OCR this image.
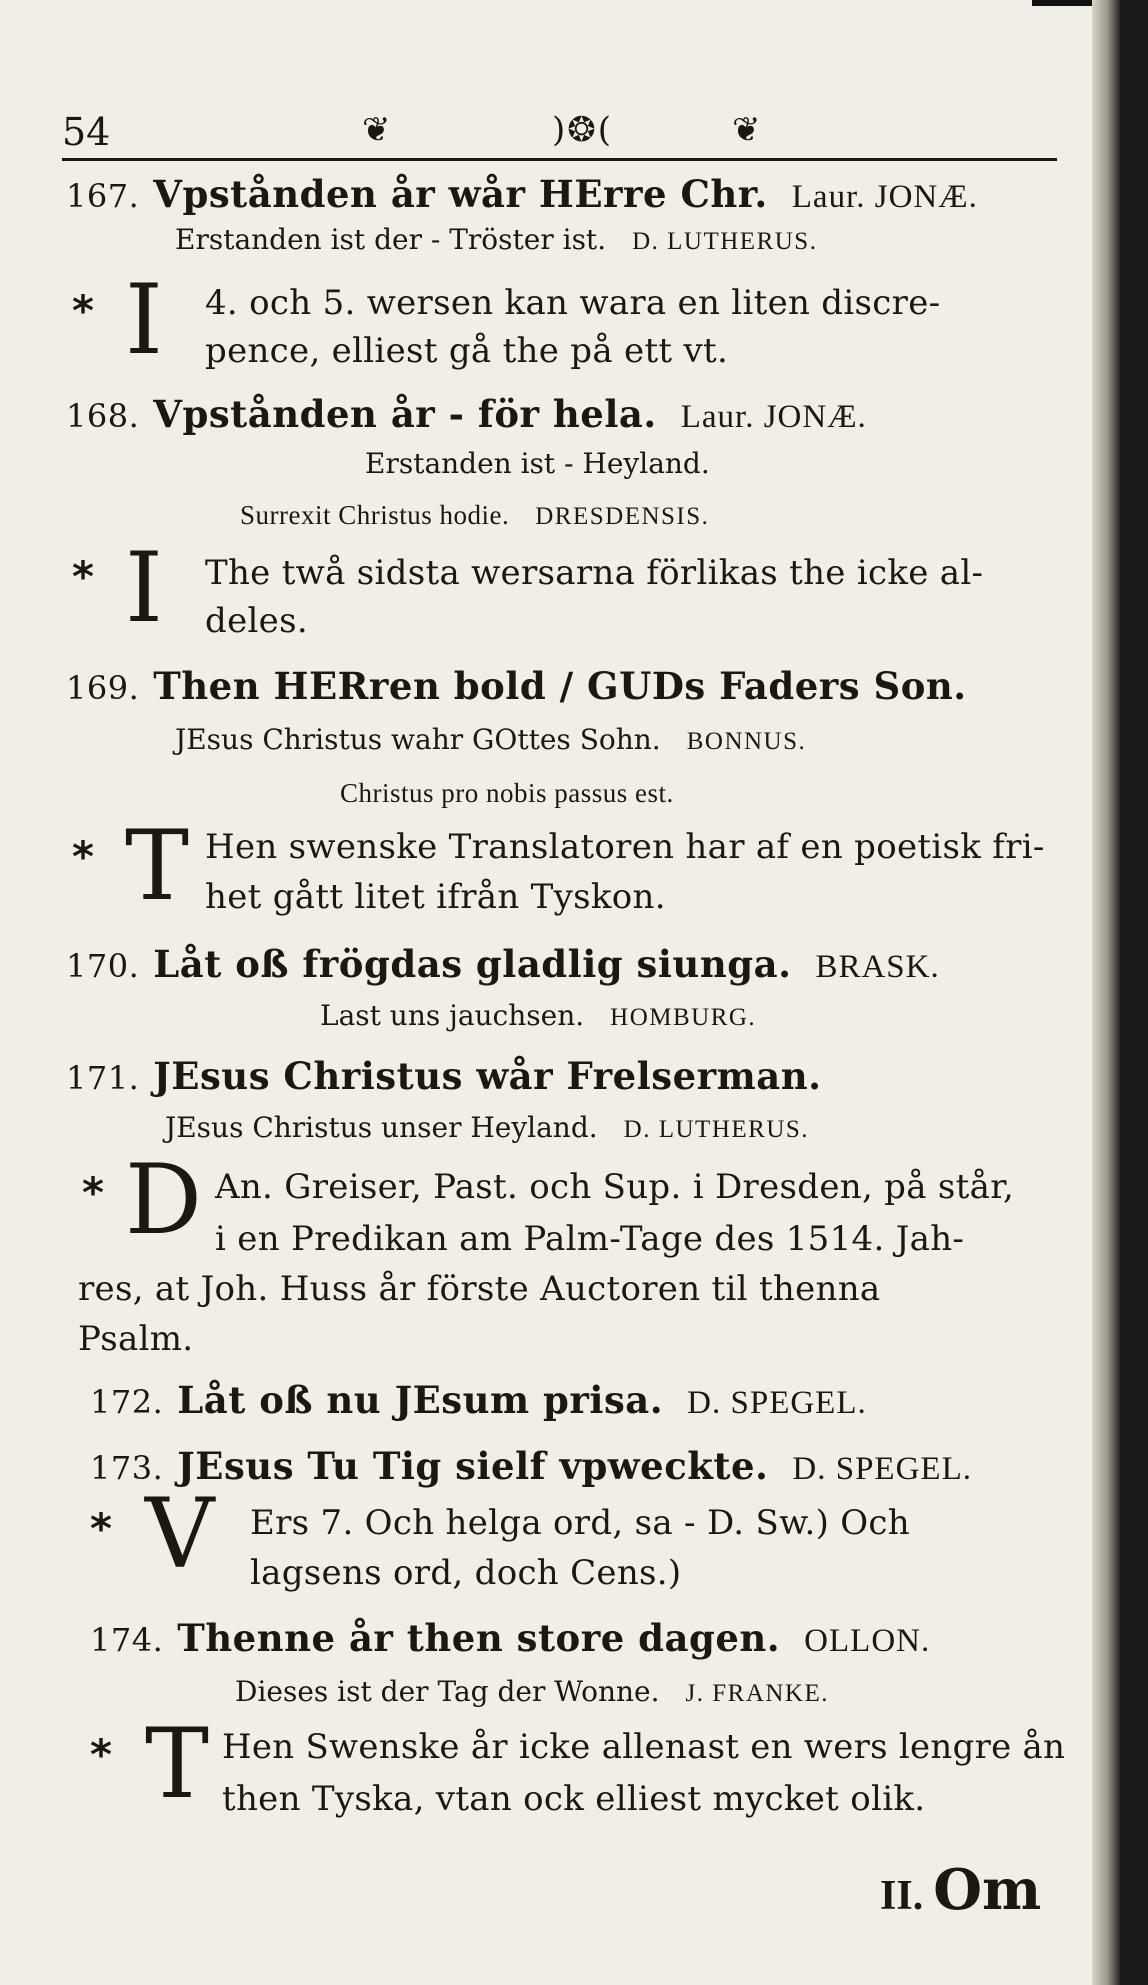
54	❦	)❂(	❦
167. Vpstånden år wår HErre Chr. Laur. JONÆ.
Erstanden ist der - Tröster ist. D. LUTHERUS.
* I 4. och 5. wersen kan wara en liten discre-
pence, elliest gå the på ett vt.
168. Vpstånden år - för hela. Laur. JONÆ.
Erstanden ist - Heyland.
Surrexit Christus hodie. DRESDENSIS.
* I The twå sidsta wersarna förlikas the icke al-
deles.
169. Then HERren bold / GUDs Faders Son.
JEsus Christus wahr GOttes Sohn. BONNUS.
Christus pro nobis passus est.
* T Hen swenske Translatoren har af en poetisk fri-
het gått litet ifrån Tyskon.
170. Låt oß frögdas gladlig siunga. BRASK.
Last uns jauchsen. HOMBURG.
171. JEsus Christus wår Frelserman.
JEsus Christus unser Heyland. D. LUTHERUS.
* D An. Greiser, Past. och Sup. i Dresden, på står,
i en Predikan am Palm-Tage des 1514. Jah-
res, at Joh. Huss år förste Auctoren til thenna
Psalm.
172. Låt oß nu JEsum prisa. D. SPEGEL.
173. JEsus Tu Tig sielf vpweckte. D. SPEGEL.
* V Ers 7. Och helga ord, sa - D. Sw.) Och
lagsens ord, doch Cens.)
174. Thenne år then store dagen. OLLON.
Dieses ist der Tag der Wonne. J. FRANKE.
* T Hen Swenske år icke allenast en wers lengre ån
then Tyska, vtan ock elliest mycket olik.
II. Om
